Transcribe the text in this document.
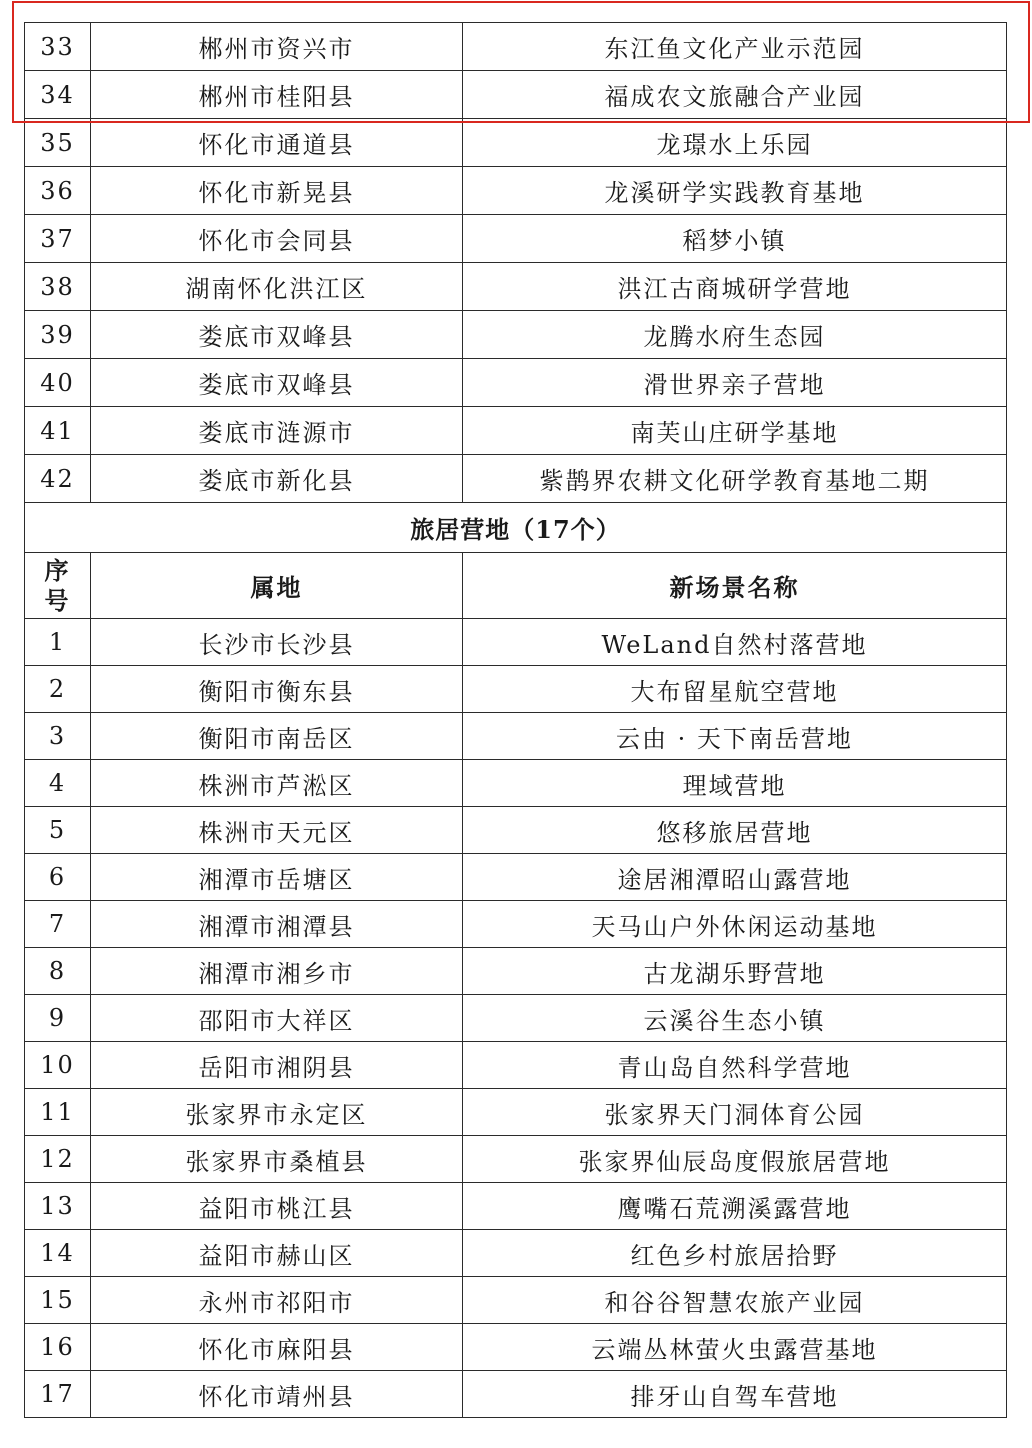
33	郴州市资兴市	东江鱼文化产业示范园
34	郴州市桂阳县	福成农文旅融合产业园
35	怀化市通道县	龙璟水上乐园
36	怀化市新晃县	龙溪研学实践教育基地
37	怀化市会同县	稻梦小镇
38	湖南怀化洪江区	洪江古商城研学营地
39	娄底市双峰县	龙腾水府生态园
40	娄底市双峰县	滑世界亲子营地
41	娄底市涟源市	南芙山庄研学基地
42	娄底市新化县	紫鹊界农耕文化研学教育基地二期
旅居营地（17个）		

序
号	属地	新场景名称
1	长沙市长沙县	WeLand自然村落营地
2	衡阳市衡东县	大布留星航空营地
3	衡阳市南岳区	云由 · 天下南岳营地
4	株洲市芦淞区	理域营地
5	株洲市天元区	悠移旅居营地
6	湘潭市岳塘区	途居湘潭昭山露营地
7	湘潭市湘潭县	天马山户外休闲运动基地
8	湘潭市湘乡市	古龙湖乐野营地
9	邵阳市大祥区	云溪谷生态小镇
10	岳阳市湘阴县	青山岛自然科学营地
11	张家界市永定区	张家界天门洞体育公园
12	张家界市桑植县	张家界仙辰岛度假旅居营地
13	益阳市桃江县	鹰嘴石荒溯溪露营地
14	益阳市赫山区	红色乡村旅居拾野
15	永州市祁阳市	和谷谷智慧农旅产业园
16	怀化市麻阳县	云端丛林萤火虫露营基地
17	怀化市靖州县	排牙山自驾车营地
